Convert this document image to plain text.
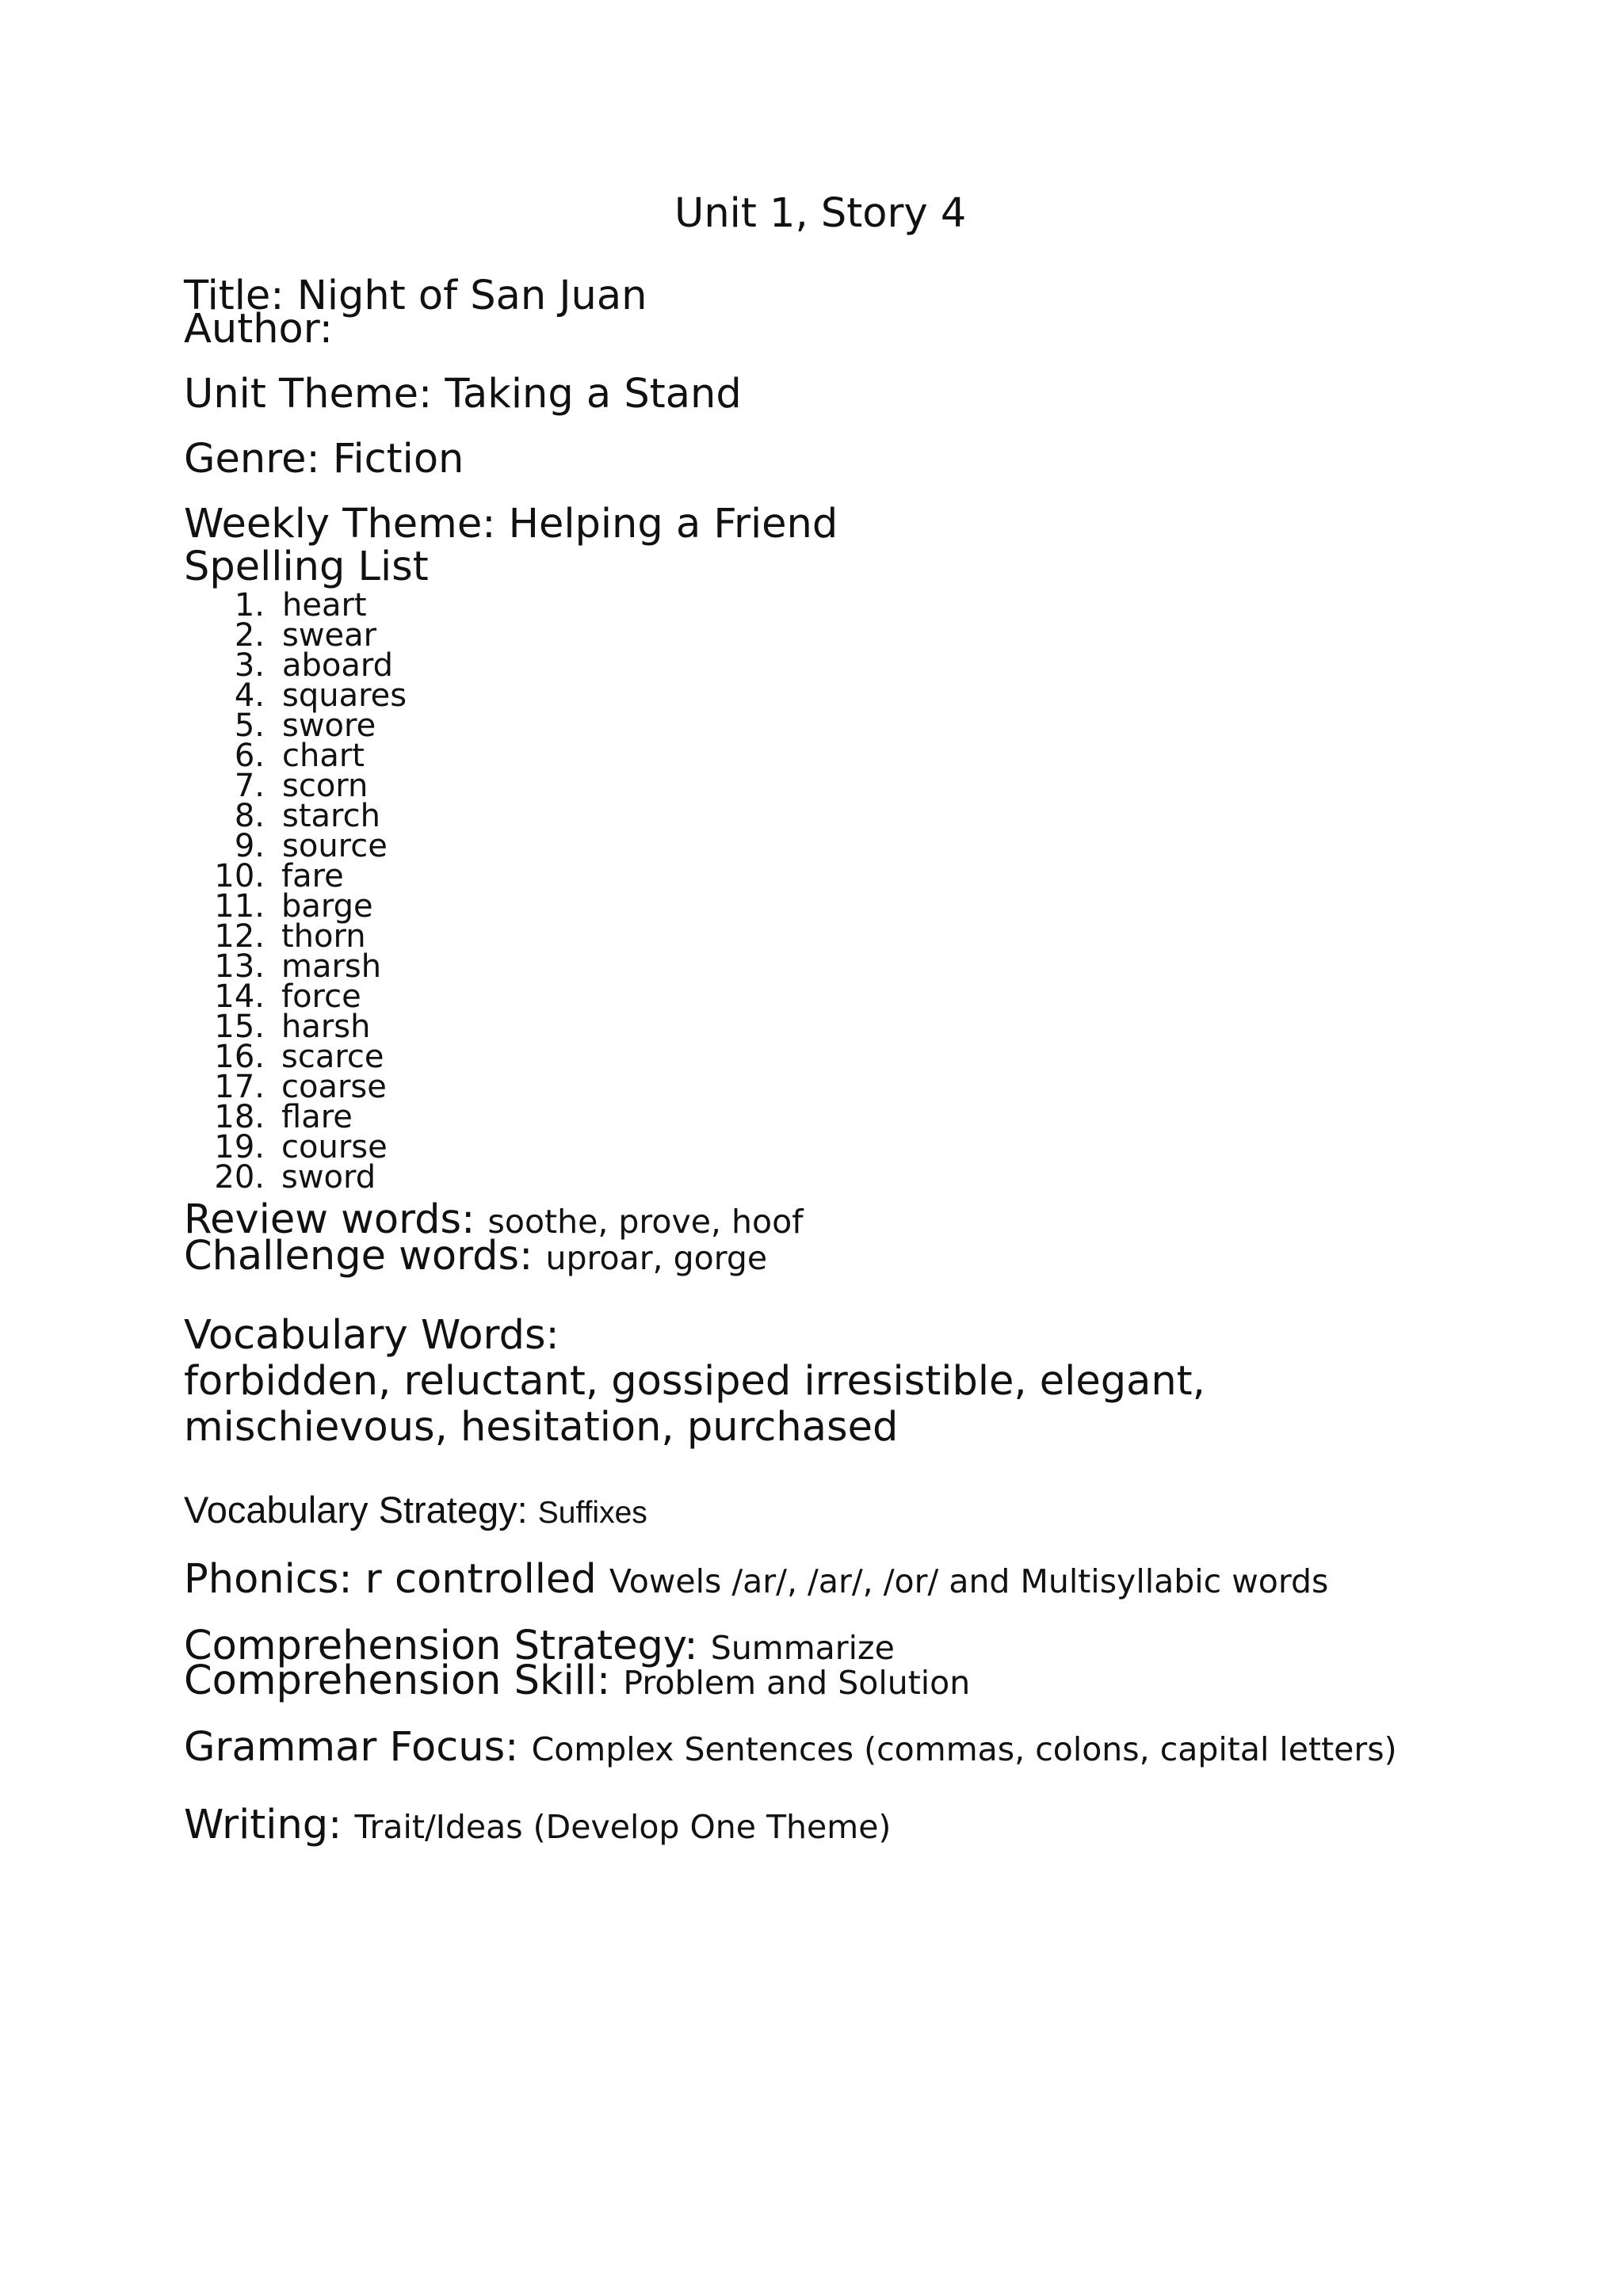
Unit 1, Story 4
Title: Night of San Juan
Author:
Unit Theme: Taking a Stand
Genre: Fiction
Weekly Theme: Helping a Friend
Spelling List
1. heart
2. swear
3. aboard
4. squares
5. swore
6. chart
7. scorn
8. starch
9. source
10. fare
11. barge
12. thorn
13. marsh
14. force
15. harsh
16. scarce
17. coarse
18. flare
19. course
20. sword
Review words: soothe, prove, hoof
Challenge words: uproar, gorge
Vocabulary Words:
forbidden, reluctant, gossiped irresistible, elegant,
mischievous, hesitation, purchased
Vocabulary Strategy: Suffixes
Phonics: r controlled Vowels /ar/, /ar/, /or/ and Multisyllabic words
Comprehension Strategy: Summarize
Comprehension Skill: Problem and Solution
Grammar Focus: Complex Sentences (commas, colons, capital letters)
Writing: Trait/Ideas (Develop One Theme)
